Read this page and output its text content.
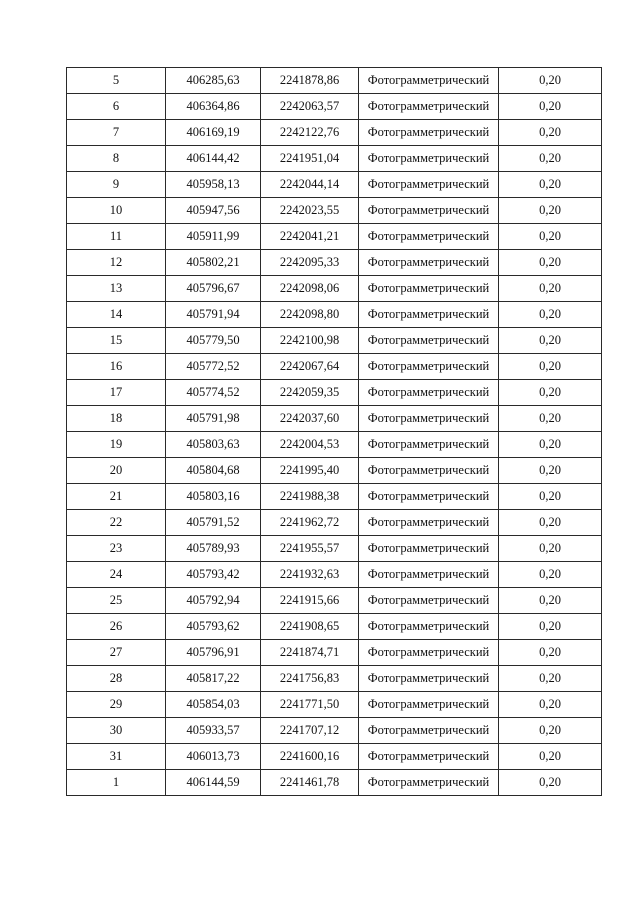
5	406285,63	2241878,86	Фотограмметрический	0,20
6	406364,86	2242063,57	Фотограмметрический	0,20
7	406169,19	2242122,76	Фотограмметрический	0,20
8	406144,42	2241951,04	Фотограмметрический	0,20
9	405958,13	2242044,14	Фотограмметрический	0,20
10	405947,56	2242023,55	Фотограмметрический	0,20
11	405911,99	2242041,21	Фотограмметрический	0,20
12	405802,21	2242095,33	Фотограмметрический	0,20
13	405796,67	2242098,06	Фотограмметрический	0,20
14	405791,94	2242098,80	Фотограмметрический	0,20
15	405779,50	2242100,98	Фотограмметрический	0,20
16	405772,52	2242067,64	Фотограмметрический	0,20
17	405774,52	2242059,35	Фотограмметрический	0,20
18	405791,98	2242037,60	Фотограмметрический	0,20
19	405803,63	2242004,53	Фотограмметрический	0,20
20	405804,68	2241995,40	Фотограмметрический	0,20
21	405803,16	2241988,38	Фотограмметрический	0,20
22	405791,52	2241962,72	Фотограмметрический	0,20
23	405789,93	2241955,57	Фотограмметрический	0,20
24	405793,42	2241932,63	Фотограмметрический	0,20
25	405792,94	2241915,66	Фотограмметрический	0,20
26	405793,62	2241908,65	Фотограмметрический	0,20
27	405796,91	2241874,71	Фотограмметрический	0,20
28	405817,22	2241756,83	Фотограмметрический	0,20
29	405854,03	2241771,50	Фотограмметрический	0,20
30	405933,57	2241707,12	Фотограмметрический	0,20
31	406013,73	2241600,16	Фотограмметрический	0,20
1	406144,59	2241461,78	Фотограмметрический	0,20
